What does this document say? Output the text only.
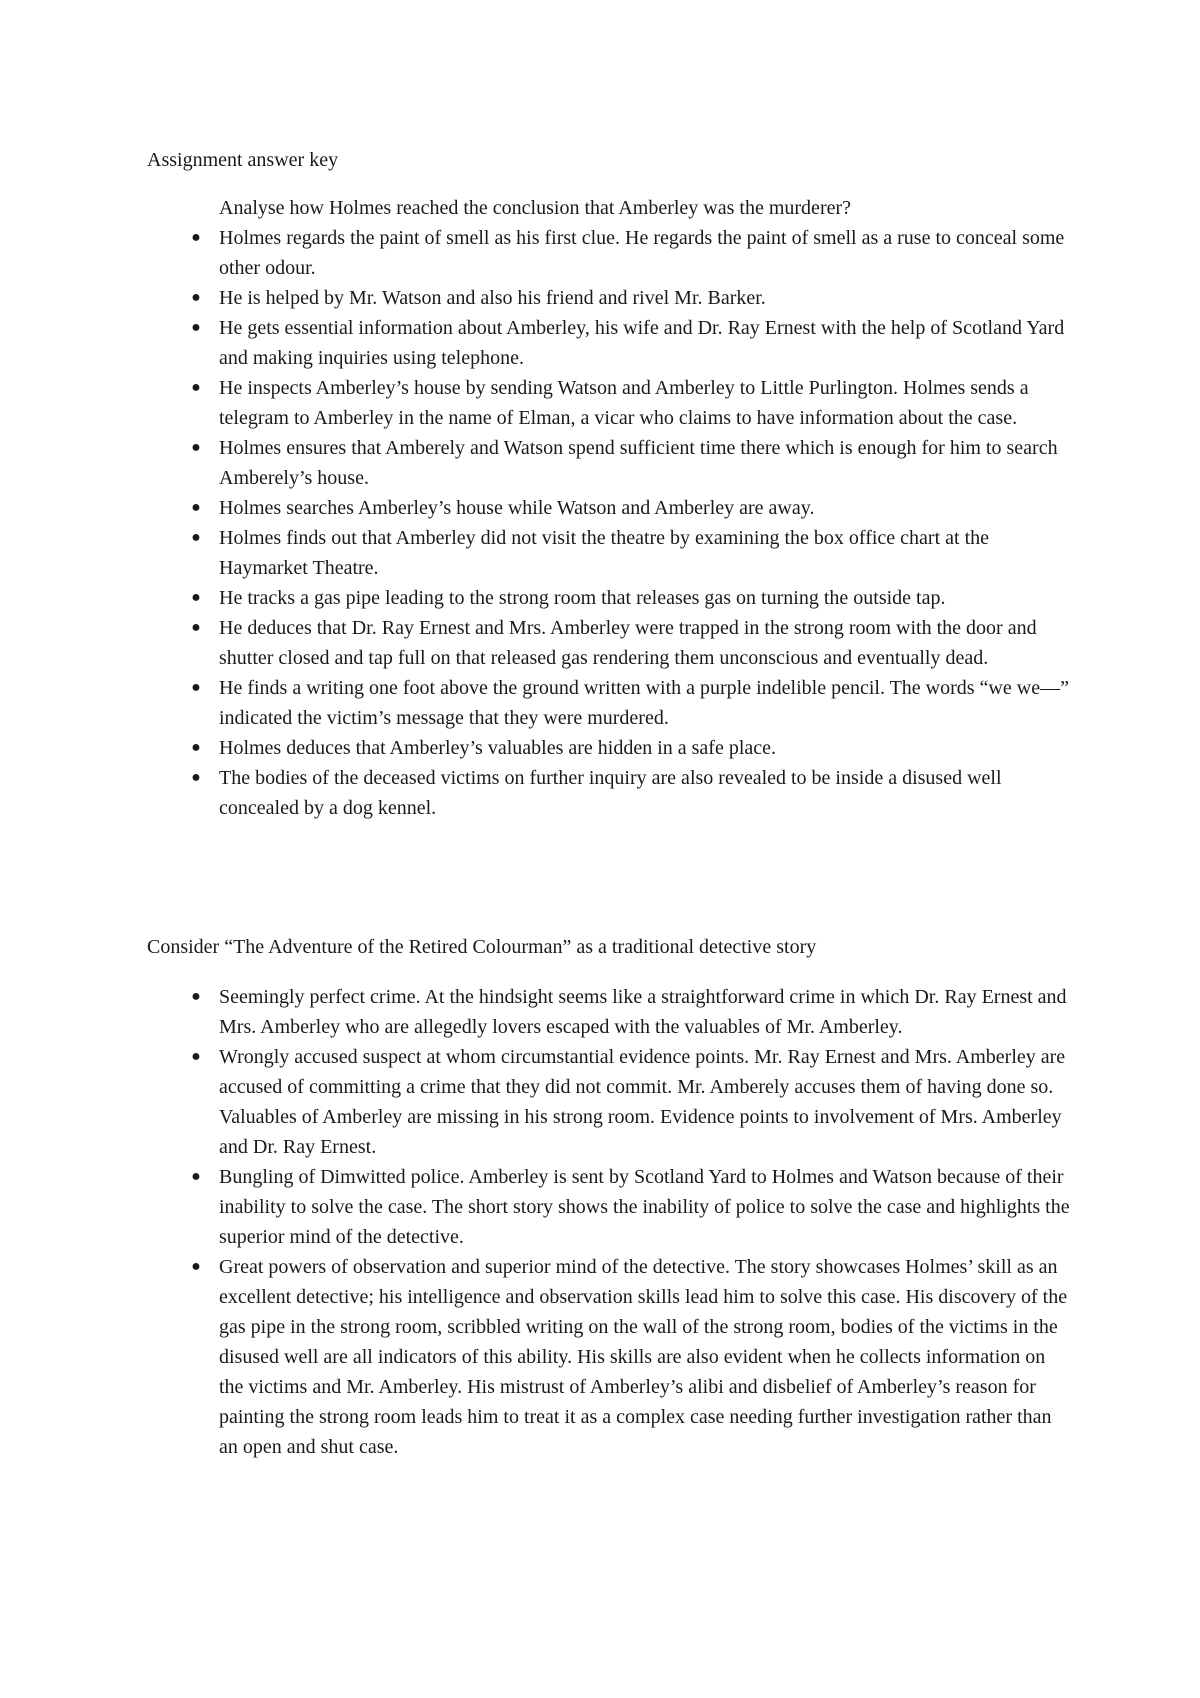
Assignment answer key

Analyse how Holmes reached the conclusion that Amberley was the murderer?

● Holmes regards the paint of smell as his first clue. He regards the paint of smell as a ruse to conceal some other odour.
● He is helped by Mr. Watson and also his friend and rivel Mr. Barker.
● He gets essential information about Amberley, his wife and Dr. Ray Ernest with the help of Scotland Yard and making inquiries using telephone.
● He inspects Amberley’s house by sending Watson and Amberley to Little Purlington. Holmes sends a telegram to Amberley in the name of Elman, a vicar who claims to have information about the case.
● Holmes ensures that Amberely and Watson spend sufficient time there which is enough for him to search Amberely’s house.
● Holmes searches Amberley’s house while Watson and Amberley are away.
● Holmes finds out that Amberley did not visit the theatre by examining the box office chart at the Haymarket Theatre.
● He tracks a gas pipe leading to the strong room that releases gas on turning the outside tap.
● He deduces that Dr. Ray Ernest and Mrs. Amberley were trapped in the strong room with the door and shutter closed and tap full on that released gas rendering them unconscious and eventually dead.
● He finds a writing one foot above the ground written with a purple indelible pencil. The words “we we—” indicated the victim’s message that they were murdered.
● Holmes deduces that Amberley’s valuables are hidden in a safe place.
● The bodies of the deceased victims on further inquiry are also revealed to be inside a disused well concealed by a dog kennel.

Consider “The Adventure of the Retired Colourman” as a traditional detective story

● Seemingly perfect crime. At the hindsight seems like a straightforward crime in which Dr. Ray Ernest and Mrs. Amberley who are allegedly lovers escaped with the valuables of Mr. Amberley.
● Wrongly accused suspect at whom circumstantial evidence points. Mr. Ray Ernest and Mrs. Amberley are accused of committing a crime that they did not commit. Mr. Amberely accuses them of having done so. Valuables of Amberley are missing in his strong room. Evidence points to involvement of Mrs. Amberley and Dr. Ray Ernest.
● Bungling of Dimwitted police. Amberley is sent by Scotland Yard to Holmes and Watson because of their inability to solve the case. The short story shows the inability of police to solve the case and highlights the superior mind of the detective.
● Great powers of observation and superior mind of the detective. The story showcases Holmes’ skill as an excellent detective; his intelligence and observation skills lead him to solve this case. His discovery of the gas pipe in the strong room, scribbled writing on the wall of the strong room, bodies of the victims in the disused well are all indicators of this ability. His skills are also evident when he collects information on the victims and Mr. Amberley. His mistrust of Amberley’s alibi and disbelief of Amberley’s reason for painting the strong room leads him to treat it as a complex case needing further investigation rather than an open and shut case.
